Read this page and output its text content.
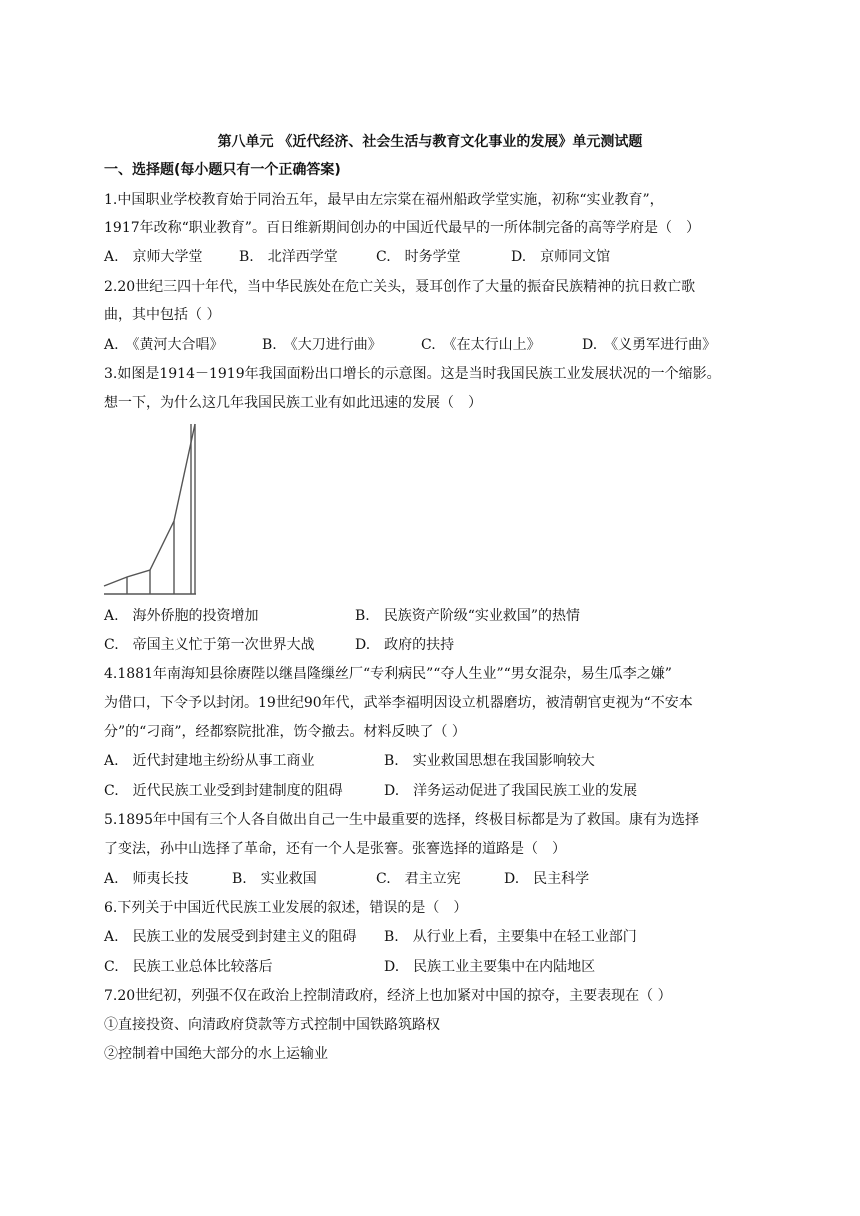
第八单元 《近代经济、社会生活与教育文化事业的发展》单元测试题
一、选择题(每小题只有一个正确答案)
1.中国职业学校教育始于同治五年，最早由左宗棠在福州船政学堂实施，初称“实业教育”，
1917年改称“职业教育”。百日维新期间创办的中国近代最早的一所体制完备的高等学府是（　）
A.　京师大学堂	B.　北洋西学堂	C.　时务学堂	D.　京师同文馆
2.20世纪三四十年代，当中华民族处在危亡关头，聂耳创作了大量的振奋民族精神的抗日救亡歌
曲，其中包括（ ）
A.　《黄河大合唱》	B.　《大刀进行曲》	C.　《在太行山上》	D.　《义勇军进行曲》
3.如图是1914－1919年我国面粉出口增长的示意图。这是当时我国民族工业发展状况的一个缩影。
想一下，为什么这几年我国民族工业有如此迅速的发展（　）
A.　海外侨胞的投资增加	B.　民族资产阶级“实业救国”的热情
C.　帝国主义忙于第一次世界大战	D.　政府的扶持
4.1881年南海知县徐赓陛以继昌隆缫丝厂“专利病民”“夺人生业”“男女混杂，易生瓜李之嫌”
为借口，下令予以封闭。19世纪90年代，武举李福明因设立机器磨坊，被清朝官吏视为“不安本
分”的“刁商”，经都察院批准，饬令撤去。材料反映了（ ）
A.　近代封建地主纷纷从事工商业	B.　实业救国思想在我国影响较大
C.　近代民族工业受到封建制度的阻碍	D.　洋务运动促进了我国民族工业的发展
5.1895年中国有三个人各自做出自己一生中最重要的选择，终极目标都是为了救国。康有为选择
了变法，孙中山选择了革命，还有一个人是张謇。张謇选择的道路是（　）
A.　师夷长技	B.　实业救国	C.　君主立宪	D.　民主科学
6.下列关于中国近代民族工业发展的叙述，错误的是（　）
A.　民族工业的发展受到封建主义的阻碍 B.　从行业上看，主要集中在轻工业部门
C.　民族工业总体比较落后	D.　民族工业主要集中在内陆地区
7.20世纪初，列强不仅在政治上控制清政府，经济上也加紧对中国的掠夺，主要表现在（ ）
①直接投资、向清政府贷款等方式控制中国铁路筑路权
②控制着中国绝大部分的水上运输业
